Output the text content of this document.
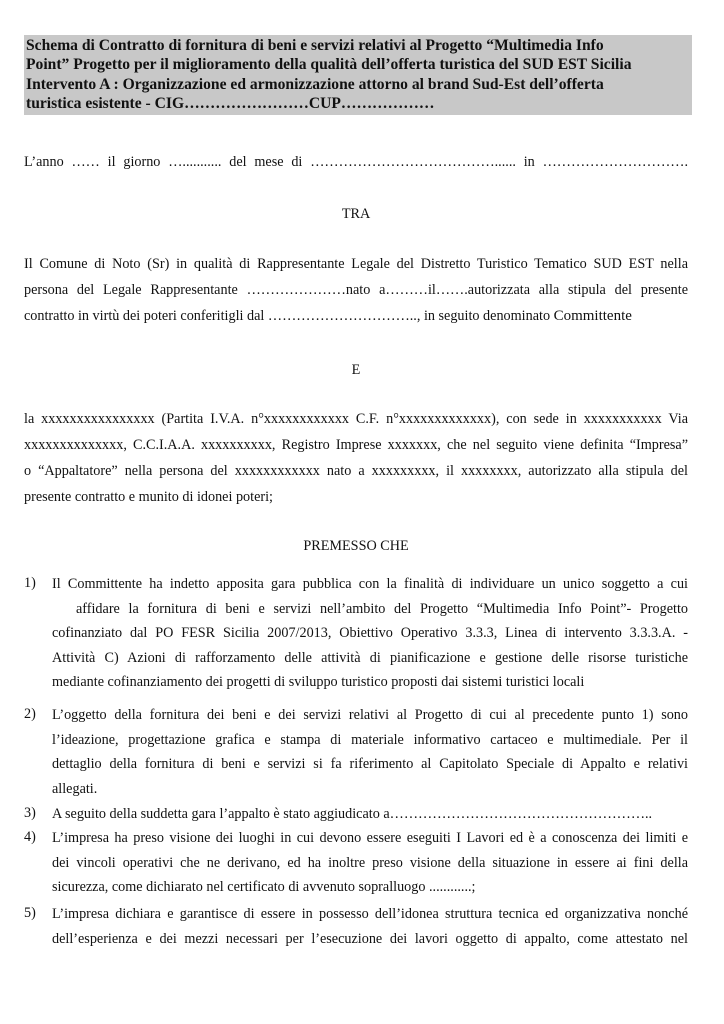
Schema di Contratto di fornitura di beni e servizi relativi al Progetto “Multimedia Info
Point” Progetto per il miglioramento della qualità dell’offerta turistica del SUD EST Sicilia
Intervento A : Organizzazione ed armonizzazione attorno al brand Sud-Est dell’offerta
turistica esistente - CIG……………………CUP………………
L’anno …… il giorno …........... del mese di …………………………………...... in ………………………….
TRA
Il Comune di Noto (Sr) in qualità di Rappresentante Legale del Distretto Turistico Tematico SUD EST nella
persona del Legale Rappresentante …………………nato a………il…….autorizzata alla stipula del presente
contratto in virtù dei poteri conferitigli dal ………………………….., in seguito denominato Committente
E
la xxxxxxxxxxxxxxxx (Partita I.V.A. n°xxxxxxxxxxxx C.F. n°xxxxxxxxxxxxx), con sede in xxxxxxxxxxx Via
xxxxxxxxxxxxxx, C.C.I.A.A. xxxxxxxxxx, Registro Imprese xxxxxxx, che nel seguito viene definita “Impresa”
o “Appaltatore” nella persona del xxxxxxxxxxxx nato a xxxxxxxxx, il xxxxxxxx, autorizzato alla stipula del
presente contratto e munito di idonei poteri;
PREMESSO CHE
1)	Il Committente ha indetto apposita gara pubblica con la finalità di individuare un unico soggetto a cui
affidare la fornitura di beni e servizi nell’ambito del Progetto “Multimedia Info Point”- Progetto
cofinanziato dal PO FESR Sicilia 2007/2013, Obiettivo Operativo 3.3.3, Linea di intervento 3.3.3.A. -
Attività C) Azioni di rafforzamento delle attività di pianificazione e gestione delle risorse turistiche
mediante cofinanziamento dei progetti di sviluppo turistico proposti dai sistemi turistici locali
2)	L’oggetto della fornitura dei beni e dei servizi relativi al Progetto di cui al precedente punto 1) sono
l’ideazione, progettazione grafica e stampa di materiale informativo cartaceo e multimediale. Per il
dettaglio della fornitura di beni e servizi si fa riferimento al Capitolato Speciale di Appalto e relativi
allegati.
3)	A seguito della suddetta gara l’appalto è stato aggiudicato a………………………………………………..
4)	L’impresa ha preso visione dei luoghi in cui devono essere eseguiti I Lavori ed è a conoscenza dei limiti e
dei vincoli operativi che ne derivano, ed ha inoltre preso visione della situazione in essere ai fini della
sicurezza, come dichiarato nel certificato di avvenuto sopralluogo ............;
5)	L’impresa dichiara e garantisce di essere in possesso dell’idonea struttura tecnica ed organizzativa nonché
dell’esperienza e dei mezzi necessari per l’esecuzione dei lavori oggetto di appalto, come attestato nel
